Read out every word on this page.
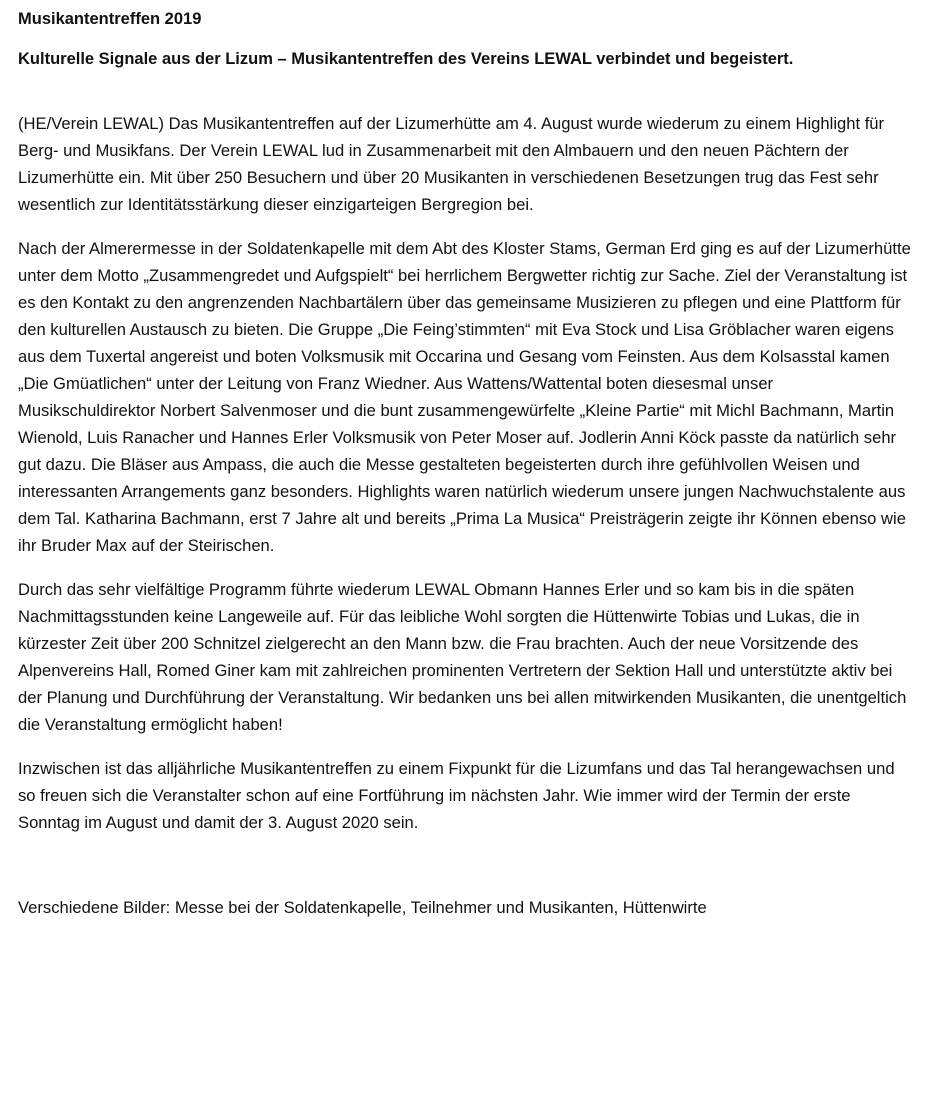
Musikantentreffen 2019
Kulturelle Signale aus der Lizum – Musikantentreffen des Vereins LEWAL verbindet und begeistert.

(HE/Verein LEWAL) Das Musikantentreffen auf der Lizumerhütte am 4. August wurde wiederum zu einem Highlight für Berg- und Musikfans. Der Verein LEWAL lud in Zusammenarbeit mit den Almbauern und den neuen Pächtern der Lizumerhütte ein. Mit über 250 Besuchern und über 20 Musikanten in verschiedenen Besetzungen trug das Fest sehr wesentlich zur Identitätsstärkung dieser einzigarteigen Bergregion bei.

Nach der Almerermesse in der Soldatenkapelle mit dem Abt des Kloster Stams, German Erd ging es auf der Lizumerhütte unter dem Motto „Zusammengredet und Aufgspielt“ bei herrlichem Bergwetter richtig zur Sache. Ziel der Veranstaltung ist es den Kontakt zu den angrenzenden Nachbartälern über das gemeinsame Musizieren zu pflegen und eine Plattform für den kulturellen Austausch zu bieten. Die Gruppe „Die Feing’stimmten“ mit Eva Stock und Lisa Gröblacher waren eigens aus dem Tuxertal angereist und boten Volksmusik mit Occarina und Gesang vom Feinsten. Aus dem Kolsasstal kamen „Die Gmüatlichen“ unter der Leitung von Franz Wiedner. Aus Wattens/Wattental boten diesesmal unser Musikschuldirektor Norbert Salvenmoser und die bunt zusammengewürfelte „Kleine Partie“ mit Michl Bachmann, Martin Wienold, Luis Ranacher und Hannes Erler Volksmusik von Peter Moser auf. Jodlerin Anni Köck passte da natürlich sehr gut dazu. Die Bläser aus Ampass, die auch die Messe gestalteten begeisterten durch ihre gefühlvollen Weisen und interessanten Arrangements ganz besonders. Highlights waren natürlich wiederum unsere jungen Nachwuchstalente aus dem Tal. Katharina Bachmann, erst 7 Jahre alt und bereits „Prima La Musica“ Preisträgerin zeigte ihr Können ebenso wie ihr Bruder Max auf der Steirischen.

Durch das sehr vielfältige Programm führte wiederum LEWAL Obmann Hannes Erler und so kam bis in die späten Nachmittagsstunden keine Langeweile auf. Für das leibliche Wohl sorgten die Hüttenwirte Tobias und Lukas, die in kürzester Zeit über 200 Schnitzel zielgerecht an den Mann bzw. die Frau brachten. Auch der neue Vorsitzende des Alpenvereins Hall, Romed Giner kam mit zahlreichen prominenten Vertretern der Sektion Hall und unterstützte aktiv bei der Planung und Durchführung der Veranstaltung. Wir bedanken uns bei allen mitwirkenden Musikanten, die unentgeltich die Veranstaltung ermöglicht haben!

Inzwischen ist das alljährliche Musikantentreffen zu einem Fixpunkt für die Lizumfans und das Tal herangewachsen und so freuen sich die Veranstalter schon auf eine Fortführung im nächsten Jahr. Wie immer wird der Termin der erste Sonntag im August und damit der 3. August 2020 sein.

Verschiedene Bilder: Messe bei der Soldatenkapelle, Teilnehmer und Musikanten, Hüttenwirte
